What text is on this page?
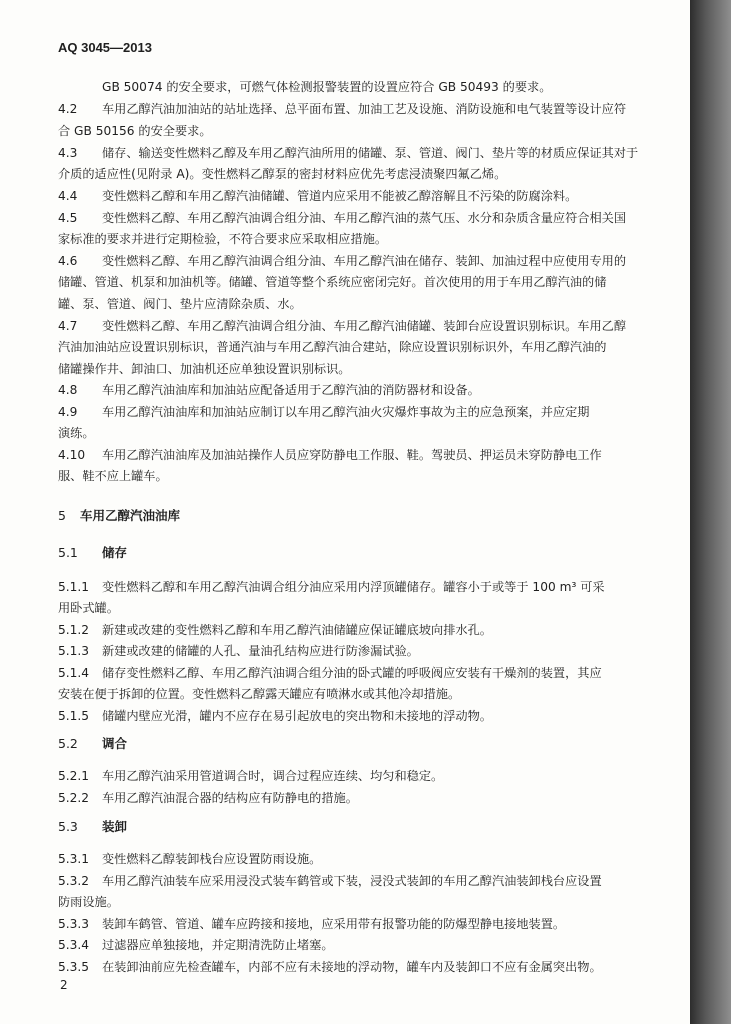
AQ 3045—2013
GB 50074 的安全要求，可燃气体检测报警装置的设置应符合 GB 50493 的要求。
4.2 车用乙醇汽油加油站的站址选择、总平面布置、加油工艺及设施、消防设施和电气装置等设计应符
合 GB 50156 的安全要求。
4.3 储存、输送变性燃料乙醇及车用乙醇汽油所用的储罐、泵、管道、阀门、垫片等的材质应保证其对于
介质的适应性(见附录 A)。变性燃料乙醇泵的密封材料应优先考虑浸渍聚四氟乙烯。
4.4 变性燃料乙醇和车用乙醇汽油储罐、管道内应采用不能被乙醇溶解且不污染的防腐涂料。
4.5 变性燃料乙醇、车用乙醇汽油调合组分油、车用乙醇汽油的蒸气压、水分和杂质含量应符合相关国
家标准的要求并进行定期检验，不符合要求应采取相应措施。
4.6 变性燃料乙醇、车用乙醇汽油调合组分油、车用乙醇汽油在储存、装卸、加油过程中应使用专用的
储罐、管道、机泵和加油机等。储罐、管道等整个系统应密闭完好。首次使用的用于车用乙醇汽油的储
罐、泵、管道、阀门、垫片应清除杂质、水。
4.7 变性燃料乙醇、车用乙醇汽油调合组分油、车用乙醇汽油储罐、装卸台应设置识别标识。车用乙醇
汽油加油站应设置识别标识，普通汽油与车用乙醇汽油合建站，除应设置识别标识外，车用乙醇汽油的
储罐操作井、卸油口、加油机还应单独设置识别标识。
4.8 车用乙醇汽油油库和加油站应配备适用于乙醇汽油的消防器材和设备。
4.9 车用乙醇汽油油库和加油站应制订以车用乙醇汽油火灾爆炸事故为主的应急预案，并应定期
演练。
4.10 车用乙醇汽油油库及加油站操作人员应穿防静电工作服、鞋。驾驶员、押运员未穿防静电工作
服、鞋不应上罐车。
5 车用乙醇汽油油库
5.1 储存
5.1.1 变性燃料乙醇和车用乙醇汽油调合组分油应采用内浮顶罐储存。罐容小于或等于 100 m³ 可采
用卧式罐。
5.1.2 新建或改建的变性燃料乙醇和车用乙醇汽油储罐应保证罐底坡向排水孔。
5.1.3 新建或改建的储罐的人孔、量油孔结构应进行防渗漏试验。
5.1.4 储存变性燃料乙醇、车用乙醇汽油调合组分油的卧式罐的呼吸阀应安装有干燥剂的装置，其应
安装在便于拆卸的位置。变性燃料乙醇露天罐应有喷淋水或其他冷却措施。
5.1.5 储罐内壁应光滑，罐内不应存在易引起放电的突出物和未接地的浮动物。
5.2 调合
5.2.1 车用乙醇汽油采用管道调合时，调合过程应连续、均匀和稳定。
5.2.2 车用乙醇汽油混合器的结构应有防静电的措施。
5.3 装卸
5.3.1 变性燃料乙醇装卸栈台应设置防雨设施。
5.3.2 车用乙醇汽油装车应采用浸没式装车鹤管或下装，浸没式装卸的车用乙醇汽油装卸栈台应设置
防雨设施。
5.3.3 装卸车鹤管、管道、罐车应跨接和接地，应采用带有报警功能的防爆型静电接地装置。
5.3.4 过滤器应单独接地，并定期清洗防止堵塞。
5.3.5 在装卸油前应先检查罐车，内部不应有未接地的浮动物，罐车内及装卸口不应有金属突出物。
2
